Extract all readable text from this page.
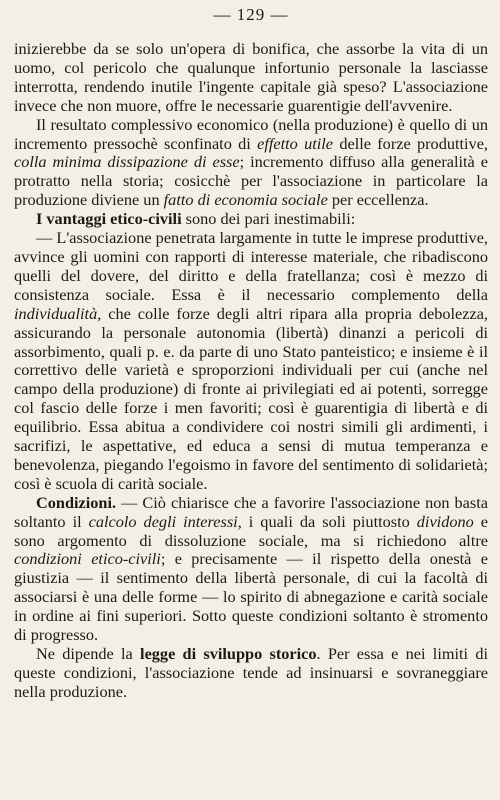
— 129 —

inizierebbe da se solo un'opera di bonifica, che assorbe la vita di un uomo, col pericolo che qualunque infortunio personale la lasciasse interrotta, rendendo inutile l'ingente capitale già speso? L'associazione invece che non muore, offre le necessarie guarentigie dell'avvenire.

Il resultato complessivo economico (nella produzione) è quello di un incremento pressochè sconfinato di effetto utile delle forze produttive, colla minima dissipazione di esse; incremento diffuso alla generalità e protratto nella storia; cosicchè per l'associazione in particolare la produzione diviene un fatto di economia sociale per eccellenza.

I vantaggi etico-civili sono dei pari inestimabili:

— L'associazione penetrata largamente in tutte le imprese produttive, avvince gli uomini con rapporti di interesse materiale, che ribadiscono quelli del dovere, del diritto e della fratellanza; così è mezzo di consistenza sociale. Essa è il necessario complemento della individualità, che colle forze degli altri ripara alla propria debolezza, assicurando la personale autonomia (libertà) dinanzi a pericoli di assorbimento, quali p. e. da parte di uno Stato panteistico; e insieme è il correttivo delle varietà e sproporzioni individuali per cui (anche nel campo della produzione) di fronte ai privilegiati ed ai potenti, sorregge col fascio delle forze i men favoriti; così è guarentigia di libertà e di equilibrio. Essa abitua a condividere coi nostri simili gli ardimenti, i sacrifizi, le aspettative, ed educa a sensi di mutua temperanza e benevolenza, piegando l'egoismo in favore del sentimento di solidarietà; così è scuola di carità sociale.

Condizioni. — Ciò chiarisce che a favorire l'associazione non basta soltanto il calcolo degli interessi, i quali da soli piuttosto dividono e sono argomento di dissoluzione sociale, ma si richiedono altre condizioni etico-civili; e precisamente — il rispetto della onestà e giustizia — il sentimento della libertà personale, di cui la facoltà di associarsi è una delle forme — lo spirito di abnegazione e carità sociale in ordine ai fini superiori. Sotto queste condizioni soltanto è stromento di progresso.

Ne dipende la legge di sviluppo storico. Per essa e nei limiti di queste condizioni, l'associazione tende ad insinuarsi e sovraneggiare nella produzione.
